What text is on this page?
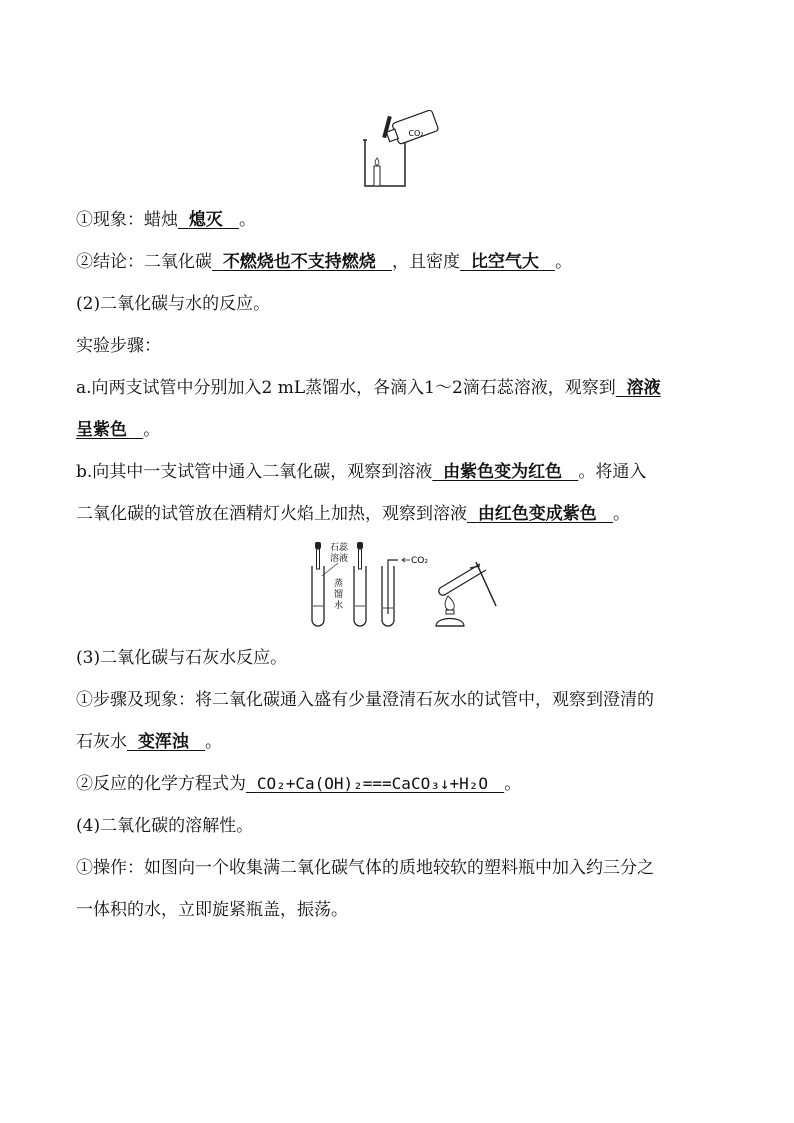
CO₂
①现象：蜡烛 熄灭 。
②结论：二氧化碳 不燃烧也不支持燃烧 ，且密度 比空气大 。
(2)二氧化碳与水的反应。
实验步骤：
a.向两支试管中分别加入2 mL蒸馏水，各滴入1～2滴石蕊溶液，观察到 溶液
呈紫色 。
b.向其中一支试管中通入二氧化碳，观察到溶液 由紫色变为红色 。将通入
二氧化碳的试管放在酒精灯火焰上加热，观察到溶液 由红色变成紫色 。
石蕊
溶液
蒸
馏
水
CO₂
(3)二氧化碳与石灰水反应。
①步骤及现象：将二氧化碳通入盛有少量澄清石灰水的试管中，观察到澄清的
石灰水 变浑浊 。
②反应的化学方程式为 CO₂+Ca(OH)₂===CaCO₃↓+H₂O 。
(4)二氧化碳的溶解性。
①操作：如图向一个收集满二氧化碳气体的质地较软的塑料瓶中加入约三分之
一体积的水，立即旋紧瓶盖，振荡。
